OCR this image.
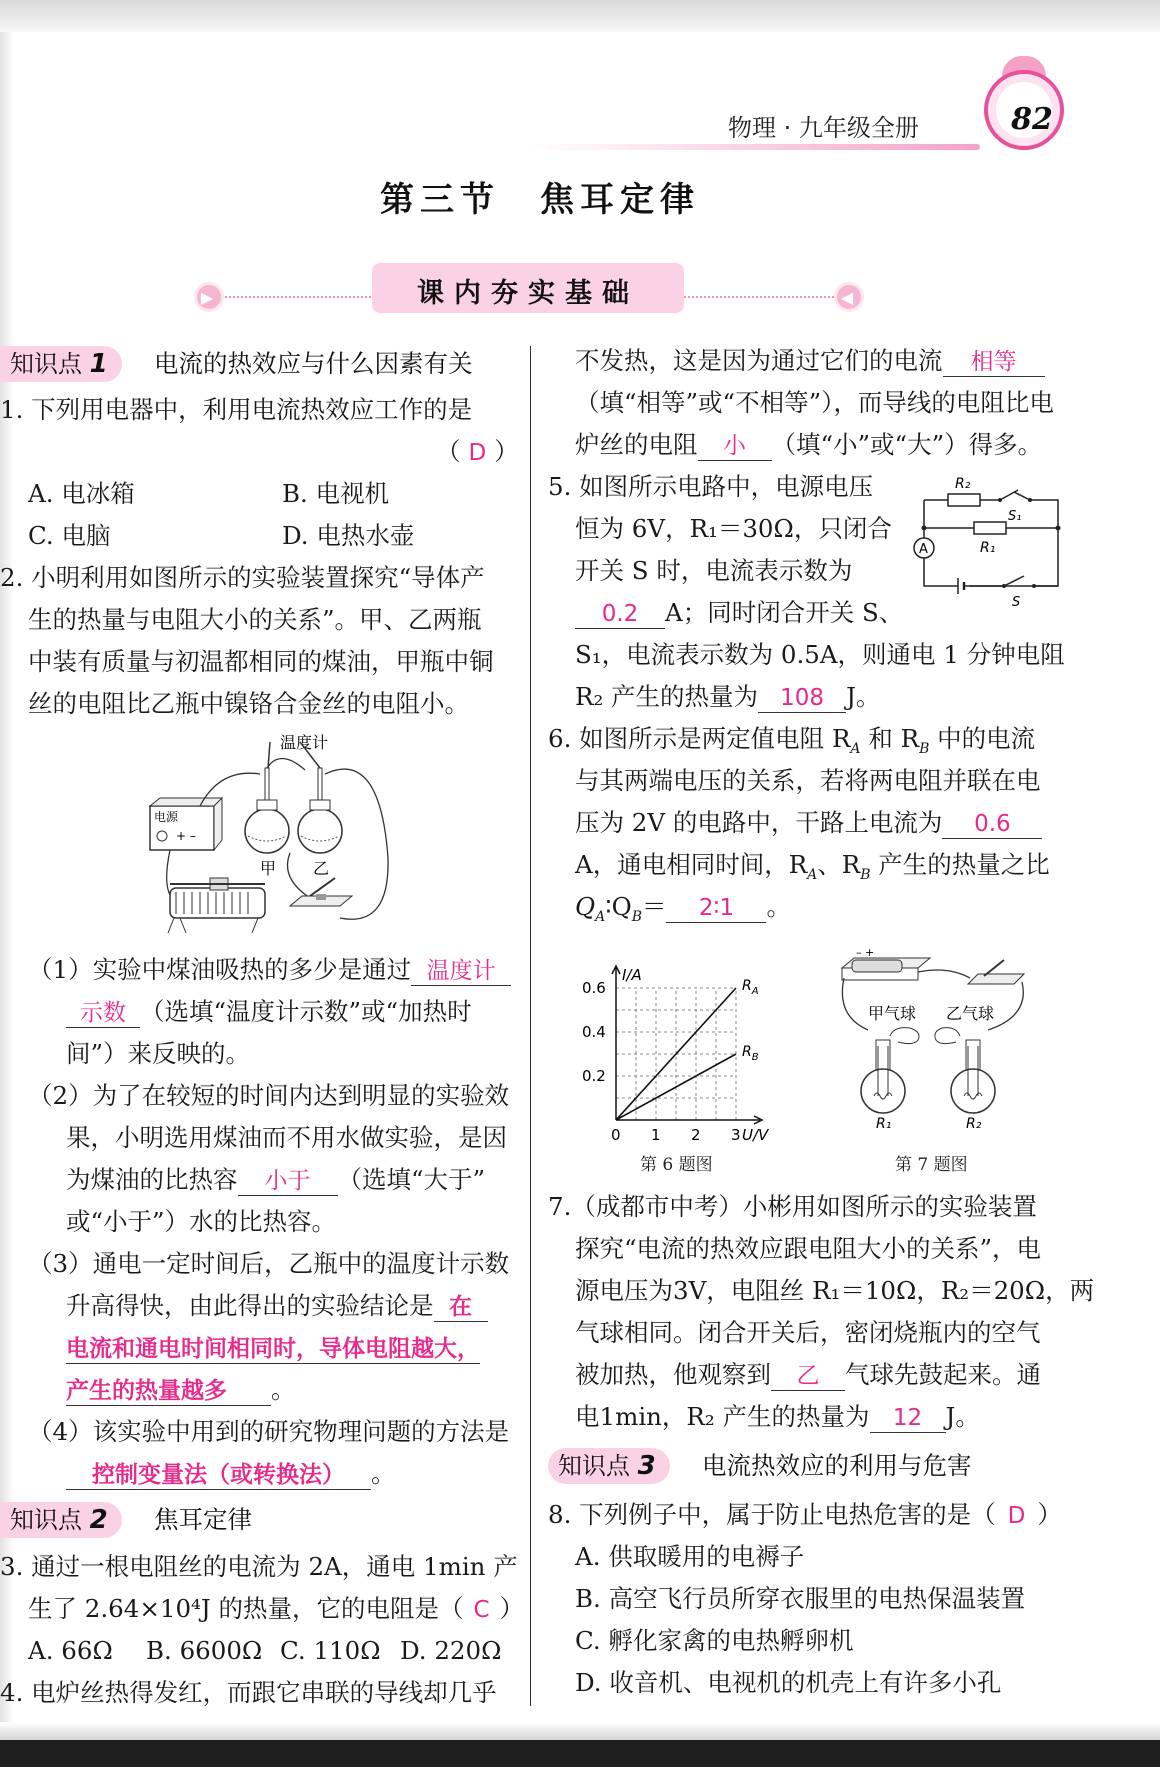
物理 · 九年级全册	82
第三节　焦耳定律
▶	◀
课内夯实基础
知识点 1	电流的热效应与什么因素有关
1. 下列用电器中，利用电流热效应工作的是
（ D ）
A. 电冰箱	B. 电视机
C. 电脑	D. 电热水壶
2. 小明利用如图所示的实验装置探究“导体产
生的热量与电阻大小的关系”。甲、乙两瓶
中装有质量与初温都相同的煤油，甲瓶中铜
丝的电阻比乙瓶中镍铬合金丝的电阻小。
温度计
甲 乙
电源
+ –
（1）实验中煤油吸热的多少是通过 温度计
示数 （选填“温度计示数”或“加热时
间”）来反映的。
（2）为了在较短的时间内达到明显的实验效
果，小明选用煤油而不用水做实验，是因
为煤油的比热容 小于 （选填“大于”
或“小于”）水的比热容。
（3）通电一定时间后，乙瓶中的温度计示数
升高得快，由此得出的实验结论是 在
电流和通电时间相同时，导体电阻越大，
产生的热量越多 。
（4）该实验中用到的研究物理问题的方法是
控制变量法（或转换法） 。
知识点 2	焦耳定律
3. 通过一根电阻丝的电流为 2A，通电 1min 产
生了 2.64×10⁴J 的热量，它的电阻是（ C ）
A. 66Ω B. 6600Ω C. 110Ω D. 220Ω
4. 电炉丝热得发红，而跟它串联的导线却几乎
不发热，这是因为通过它们的电流 相等
（填“相等”或“不相等”），而导线的电阻比电
炉丝的电阻 小 （填“小”或“大”）得多。
5. 如图所示电路中，电源电压
恒为 6V，R₁＝30Ω，只闭合
开关 S 时，电流表示数为
0.2 A；同时闭合开关 S、
S₁，电流表示数为 0.5A，则通电 1 分钟电阻
R₂ 产生的热量为 108 J。
R₂
S₁
R₁
A
S
6. 如图所示是两定值电阻 $R_A$ 和 $R_B$ 中的电流
与其两端电压的关系，若将两电阻并联在电
压为 2V 的电路中，干路上电流为 0.6
A，通电相同时间，$R_A$、$R_B$ 产生的热量之比
$Q_A∶Q_B=$ 2∶1 。
I/A
0 1 2 3 U/V
0.2
0.4
0.6	$R_A$
$R_B$
第 6 题图
– +
甲气球 乙气球
R₁	R₂
第 7 题图
7.（成都市中考）小彬用如图所示的实验装置
探究“电流的热效应跟电阻大小的关系”，电
源电压为3V，电阻丝 R₁＝10Ω，R₂＝20Ω，两
气球相同。闭合开关后，密闭烧瓶内的空气
被加热，他观察到 乙 气球先鼓起来。通
电1min，R₂ 产生的热量为 12 J。
知识点 3	电流热效应的利用与危害
8. 下列例子中，属于防止电热危害的是（ D ）
A. 供取暖用的电褥子
B. 高空飞行员所穿衣服里的电热保温装置
C. 孵化家禽的电热孵卵机
D. 收音机、电视机的机壳上有许多小孔
